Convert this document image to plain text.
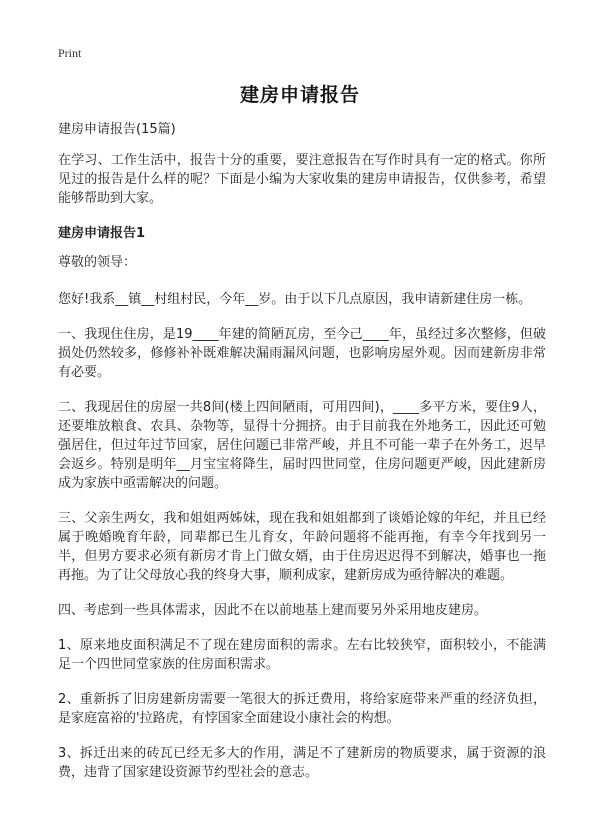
Print
建房申请报告

建房申请报告(15篇)

在学习、工作生活中，报告十分的重要，要注意报告在写作时具有一定的格式。你所见过的报告是什么样的呢？下面是小编为大家收集的建房申请报告，仅供参考，希望能够帮助到大家。

建房申请报告1

尊敬的领导：

您好!我系__镇__村组村民，今年__岁。由于以下几点原因，我申请新建住房一栋。

一、我现住住房，是19____年建的简陋瓦房，至今己____年，虽经过多次整修，但破损处仍然较多，修修补补既难解决漏雨漏风问题，也影响房屋外观。因而建新房非常有必要。

二、我现居住的房屋一共8间(楼上四间陋雨，可用四间)，____多平方米，要住9人，还要堆放粮食、农具、杂物等，显得十分拥挤。由于目前我在外地务工，因此还可勉强居住，但过年过节回家，居住问题已非常严峻，并且不可能一辈子在外务工，迟早会返乡。特别是明年__月宝宝将降生，届时四世同堂，住房问题更严峻，因此建新房成为家族中亟需解决的问题。

三、父亲生两女，我和姐姐两姊妹，现在我和姐姐都到了谈婚论嫁的年纪，并且已经属于晚婚晚育年龄，同辈都已生儿育女，年龄问题将不能再拖，有幸今年找到另一半，但男方要求必须有新房才肯上门做女婿，由于住房迟迟得不到解决，婚事也一拖再拖。为了让父母放心我的终身大事，顺利成家，建新房成为亟待解决的难题。

四、考虑到一些具体需求，因此不在以前地基上建而要另外采用地皮建房。

1、原来地皮面积满足不了现在建房面积的需求。左右比较狭窄，面积较小，不能满足一个四世同堂家族的住房面积需求。

2、重新拆了旧房建新房需要一笔很大的拆迁费用，将给家庭带来严重的经济负担，是家庭富裕的'拉路虎，有悖国家全面建设小康社会的构想。

3、拆迁出来的砖瓦已经无多大的作用，满足不了建新房的物质要求，属于资源的浪费，违背了国家建设资源节约型社会的意志。
